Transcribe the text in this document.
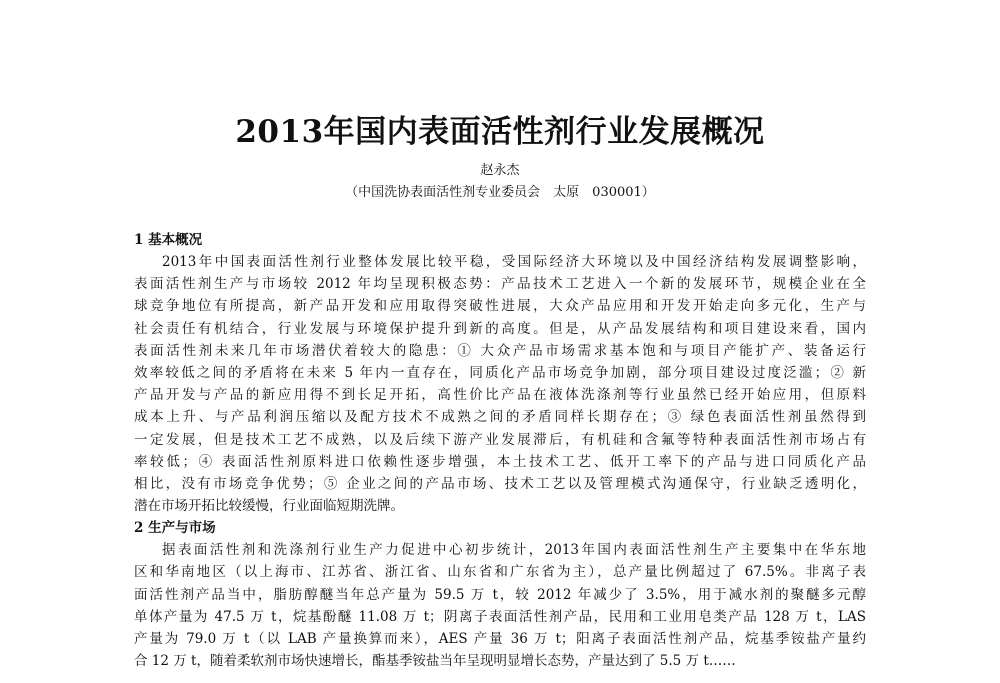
2013年国内表面活性剂行业发展概况
赵永杰
（中国洗协表面活性剂专业委员会　太原　030001）
1 基本概况
2013年中国表面活性剂行业整体发展比较平稳，受国际经济大环境以及中国经济结构发展调整影响，
表面活性剂生产与市场较 2012 年均呈现积极态势：产品技术工艺进入一个新的发展环节，规模企业在全
球竞争地位有所提高，新产品开发和应用取得突破性进展，大众产品应用和开发开始走向多元化，生产与
社会责任有机结合，行业发展与环境保护提升到新的高度。但是，从产品发展结构和项目建设来看，国内
表面活性剂未来几年市场潜伏着较大的隐患：① 大众产品市场需求基本饱和与项目产能扩产、装备运行
效率较低之间的矛盾将在未来 5 年内一直存在，同质化产品市场竞争加剧，部分项目建设过度泛滥；② 新
产品开发与产品的新应用得不到长足开拓，高性价比产品在液体洗涤剂等行业虽然已经开始应用，但原料
成本上升、与产品利润压缩以及配方技术不成熟之间的矛盾同样长期存在；③ 绿色表面活性剂虽然得到
一定发展，但是技术工艺不成熟，以及后续下游产业发展滞后，有机硅和含氟等特种表面活性剂市场占有
率较低；④ 表面活性剂原料进口依赖性逐步增强，本土技术工艺、低开工率下的产品与进口同质化产品
相比，没有市场竞争优势；⑤ 企业之间的产品市场、技术工艺以及管理模式沟通保守，行业缺乏透明化，
潜在市场开拓比较缓慢，行业面临短期洗牌。
2 生产与市场
据表面活性剂和洗涤剂行业生产力促进中心初步统计，2013年国内表面活性剂生产主要集中在华东地
区和华南地区（以上海市、江苏省、浙江省、山东省和广东省为主），总产量比例超过了 67.5%。非离子表
面活性剂产品当中，脂肪醇醚当年总产量为 59.5 万 t，较 2012 年减少了 3.5%，用于减水剂的聚醚多元醇
单体产量为 47.5 万 t，烷基酚醚 11.08 万 t；阴离子表面活性剂产品，民用和工业用皂类产品 128 万 t，LAS
产量为 79.0 万 t（以 LAB 产量换算而来），AES 产量 36 万 t；阳离子表面活性剂产品，烷基季铵盐产量约
合 12 万 t，随着柔软剂市场快速增长，酯基季铵盐当年呈现明显增长态势，产量达到了 5.5 万 t……
